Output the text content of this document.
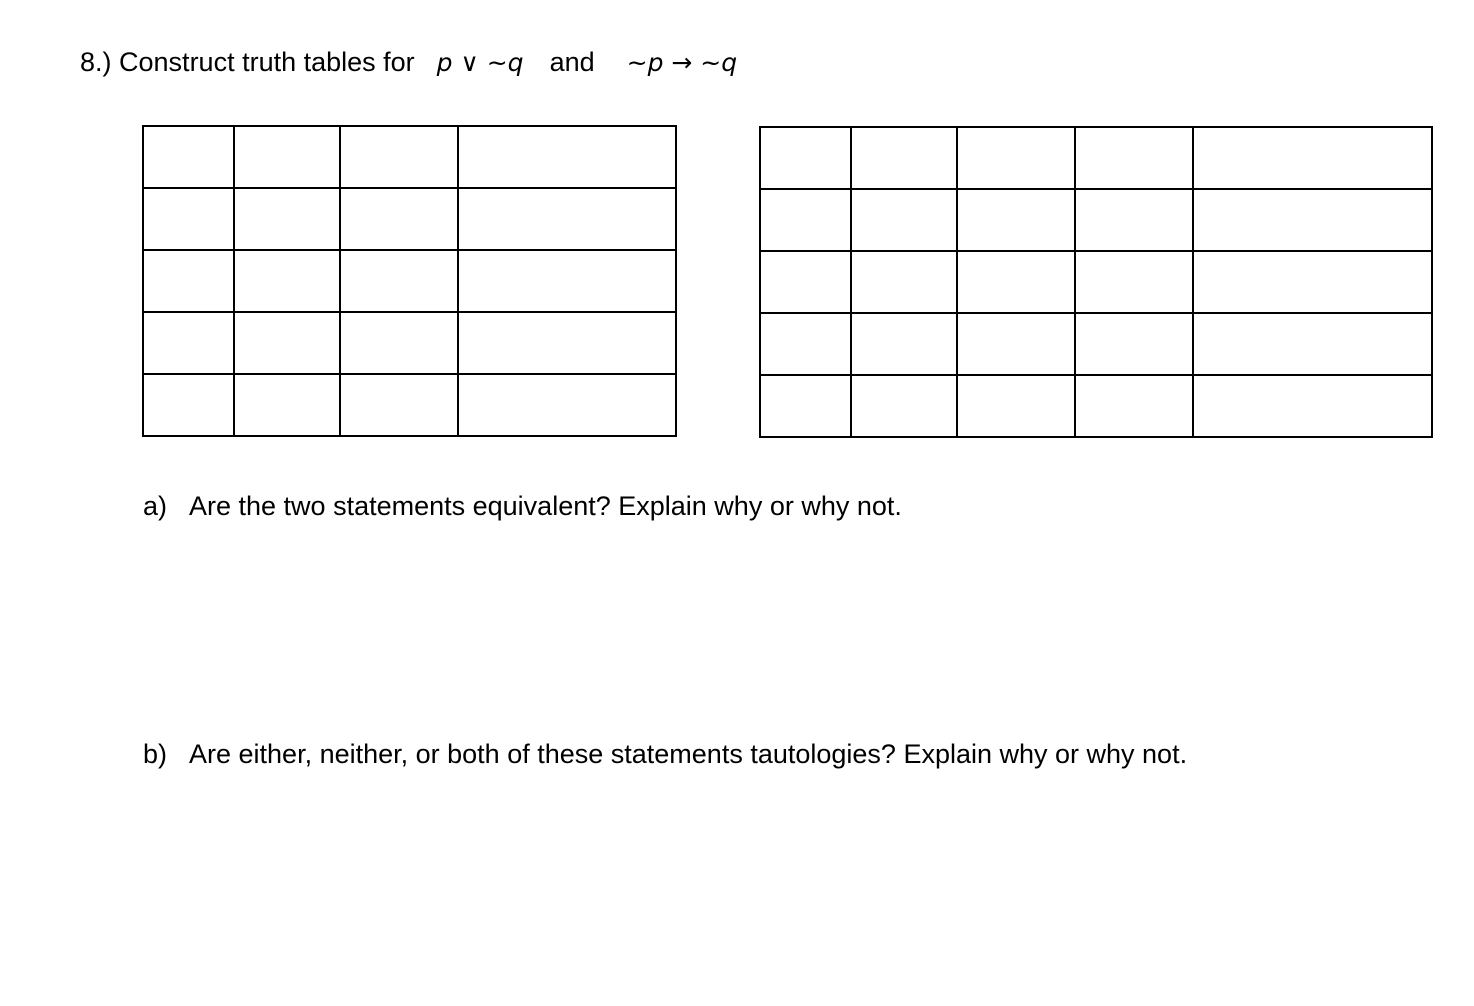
8.) Construct truth tables for p ∨ ~q and ~p → ~q

a) Are the two statements equivalent? Explain why or why not.
b) Are either, neither, or both of these statements tautologies? Explain why or why not.
